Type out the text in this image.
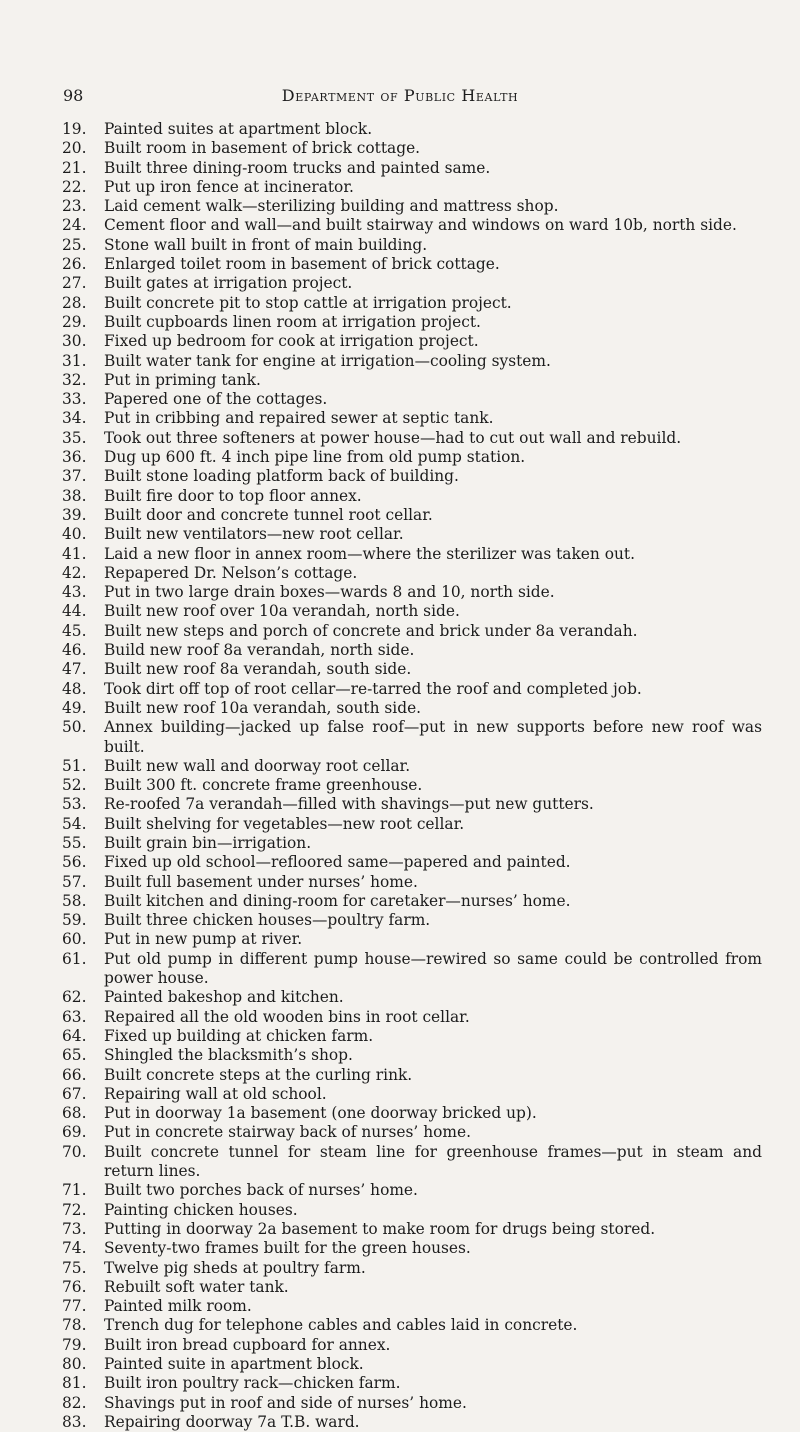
98	Department of Public Health
19. Painted suites at apartment block.
20. Built room in basement of brick cottage.
21. Built three dining-room trucks and painted same.
22. Put up iron fence at incinerator.
23. Laid cement walk—sterilizing building and mattress shop.
24. Cement floor and wall—and built stairway and windows on ward 10b, north side.
25. Stone wall built in front of main building.
26. Enlarged toilet room in basement of brick cottage.
27. Built gates at irrigation project.
28. Built concrete pit to stop cattle at irrigation project.
29. Built cupboards linen room at irrigation project.
30. Fixed up bedroom for cook at irrigation project.
31. Built water tank for engine at irrigation—cooling system.
32. Put in priming tank.
33. Papered one of the cottages.
34. Put in cribbing and repaired sewer at septic tank.
35. Took out three softeners at power house—had to cut out wall and rebuild.
36. Dug up 600 ft. 4 inch pipe line from old pump station.
37. Built stone loading platform back of building.
38. Built fire door to top floor annex.
39. Built door and concrete tunnel root cellar.
40. Built new ventilators—new root cellar.
41. Laid a new floor in annex room—where the sterilizer was taken out.
42. Repapered Dr. Nelson’s cottage.
43. Put in two large drain boxes—wards 8 and 10, north side.
44. Built new roof over 10a verandah, north side.
45. Built new steps and porch of concrete and brick under 8a verandah.
46. Build new roof 8a verandah, north side.
47. Built new roof 8a verandah, south side.
48. Took dirt off top of root cellar—re-tarred the roof and completed job.
49. Built new roof 10a verandah, south side.
50. Annex building—jacked up false roof—put in new supports before new roof was built.
51. Built new wall and doorway root cellar.
52. Built 300 ft. concrete frame greenhouse.
53. Re-roofed 7a verandah—filled with shavings—put new gutters.
54. Built shelving for vegetables—new root cellar.
55. Built grain bin—irrigation.
56. Fixed up old school—refloored same—papered and painted.
57. Built full basement under nurses’ home.
58. Built kitchen and dining-room for caretaker—nurses’ home.
59. Built three chicken houses—poultry farm.
60. Put in new pump at river.
61. Put old pump in different pump house—rewired so same could be controlled from power house.
62. Painted bakeshop and kitchen.
63. Repaired all the old wooden bins in root cellar.
64. Fixed up building at chicken farm.
65. Shingled the blacksmith’s shop.
66. Built concrete steps at the curling rink.
67. Repairing wall at old school.
68. Put in doorway 1a basement (one doorway bricked up).
69. Put in concrete stairway back of nurses’ home.
70. Built concrete tunnel for steam line for greenhouse frames—put in steam and return lines.
71. Built two porches back of nurses’ home.
72. Painting chicken houses.
73. Putting in doorway 2a basement to make room for drugs being stored.
74. Seventy-two frames built for the green houses.
75. Twelve pig sheds at poultry farm.
76. Rebuilt soft water tank.
77. Painted milk room.
78. Trench dug for telephone cables and cables laid in concrete.
79. Built iron bread cupboard for annex.
80. Painted suite in apartment block.
81. Built iron poultry rack—chicken farm.
82. Shavings put in roof and side of nurses’ home.
83. Repairing doorway 7a T.B. ward.
